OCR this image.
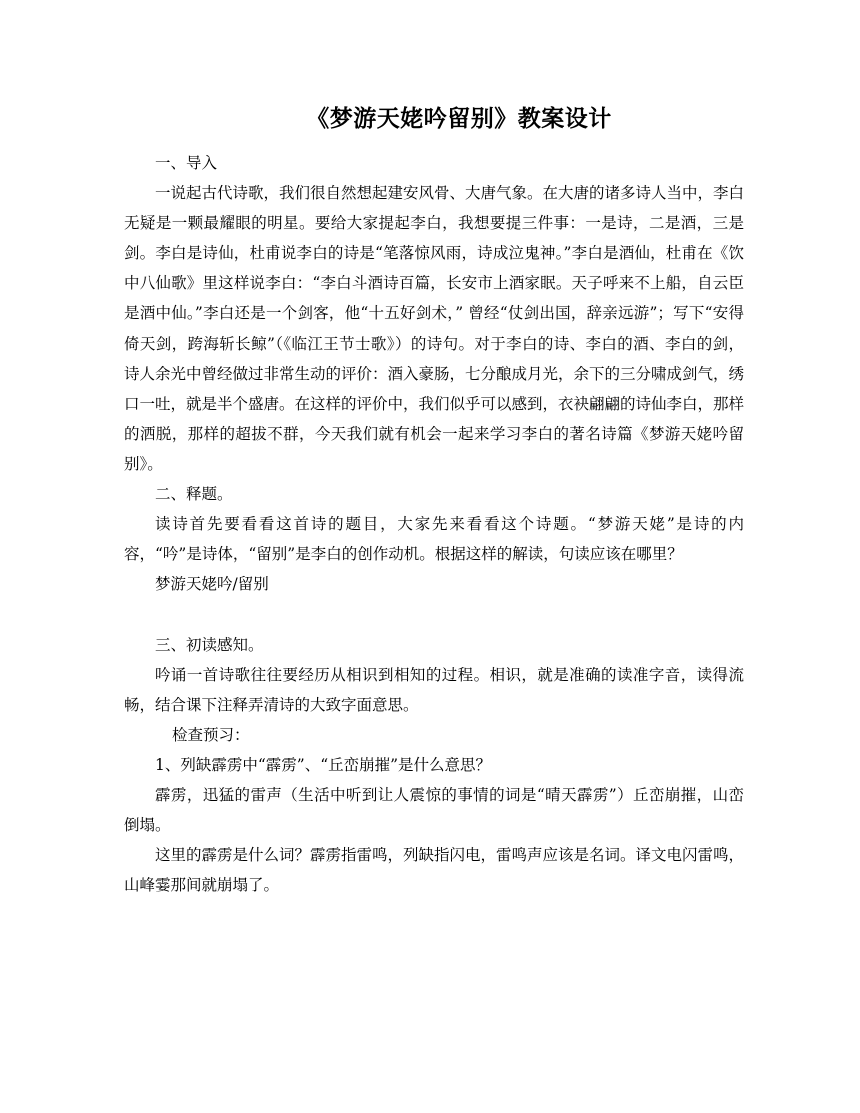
《梦游天姥吟留别》教案设计

一、导入

一说起古代诗歌，我们很自然想起建安风骨、大唐气象。在大唐的诸多诗人当中，李白无疑是一颗最耀眼的明星。要给大家提起李白，我想要提三件事：一是诗，二是酒，三是剑。李白是诗仙，杜甫说李白的诗是“笔落惊风雨，诗成泣鬼神。”李白是酒仙，杜甫在《饮中八仙歌》里这样说李白：“李白斗酒诗百篇，长安市上酒家眠。天子呼来不上船，自云臣是酒中仙。”李白还是一个剑客，他“十五好剑术，” 曾经“仗剑出国，辞亲远游”；写下“安得倚天剑，跨海斩长鲸”（《临江王节士歌》）的诗句。对于李白的诗、李白的酒、李白的剑，诗人余光中曾经做过非常生动的评价：酒入豪肠，七分酿成月光，余下的三分啸成剑气，绣口一吐，就是半个盛唐。在这样的评价中，我们似乎可以感到，衣袂翩翩的诗仙李白，那样的洒脱，那样的超拔不群，今天我们就有机会一起来学习李白的著名诗篇《梦游天姥吟留别》。

二、释题。

读诗首先要看看这首诗的题目，大家先来看看这个诗题。“梦游天姥”是诗的内容，“吟”是诗体，“留别”是李白的创作动机。根据这样的解读，句读应该在哪里？

梦游天姥吟/留别

三、初读感知。

吟诵一首诗歌往往要经历从相识到相知的过程。相识，就是准确的读准字音，读得流畅，结合课下注释弄清诗的大致字面意思。

检查预习：

1、列缺霹雳中“霹雳”、“丘峦崩摧”是什么意思？

霹雳，迅猛的雷声（生活中听到让人震惊的事情的词是“晴天霹雳”）丘峦崩摧，山峦倒塌。

这里的霹雳是什么词？霹雳指雷鸣，列缺指闪电，雷鸣声应该是名词。译文电闪雷鸣，山峰霎那间就崩塌了。
